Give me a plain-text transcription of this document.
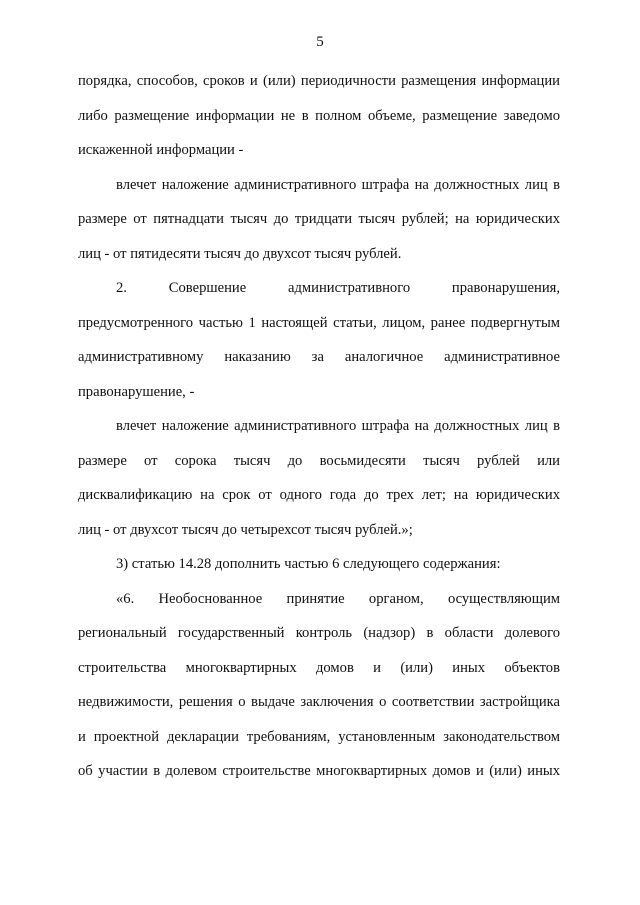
5
порядка, способов, сроков и (или) периодичности размещения информации
либо размещение информации не в полном объеме, размещение заведомо
искаженной информации -
влечет наложение административного штрафа на должностных лиц в
размере от пятнадцати тысяч до тридцати тысяч рублей; на юридических
лиц - от пятидесяти тысяч до двухсот тысяч рублей.
2. Совершение административного правонарушения,
предусмотренного частью 1 настоящей статьи, лицом, ранее подвергнутым
административному наказанию за аналогичное административное
правонарушение, -
влечет наложение административного штрафа на должностных лиц в
размере от сорока тысяч до восьмидесяти тысяч рублей или
дисквалификацию на срок от одного года до трех лет; на юридических
лиц - от двухсот тысяч до четырехсот тысяч рублей.»;
3) статью 14.28 дополнить частью 6 следующего содержания:
«6. Необоснованное принятие органом, осуществляющим
региональный государственный контроль (надзор) в области долевого
строительства многоквартирных домов и (или) иных объектов
недвижимости, решения о выдаче заключения о соответствии застройщика
и проектной декларации требованиям, установленным законодательством
об участии в долевом строительстве многоквартирных домов и (или) иных
